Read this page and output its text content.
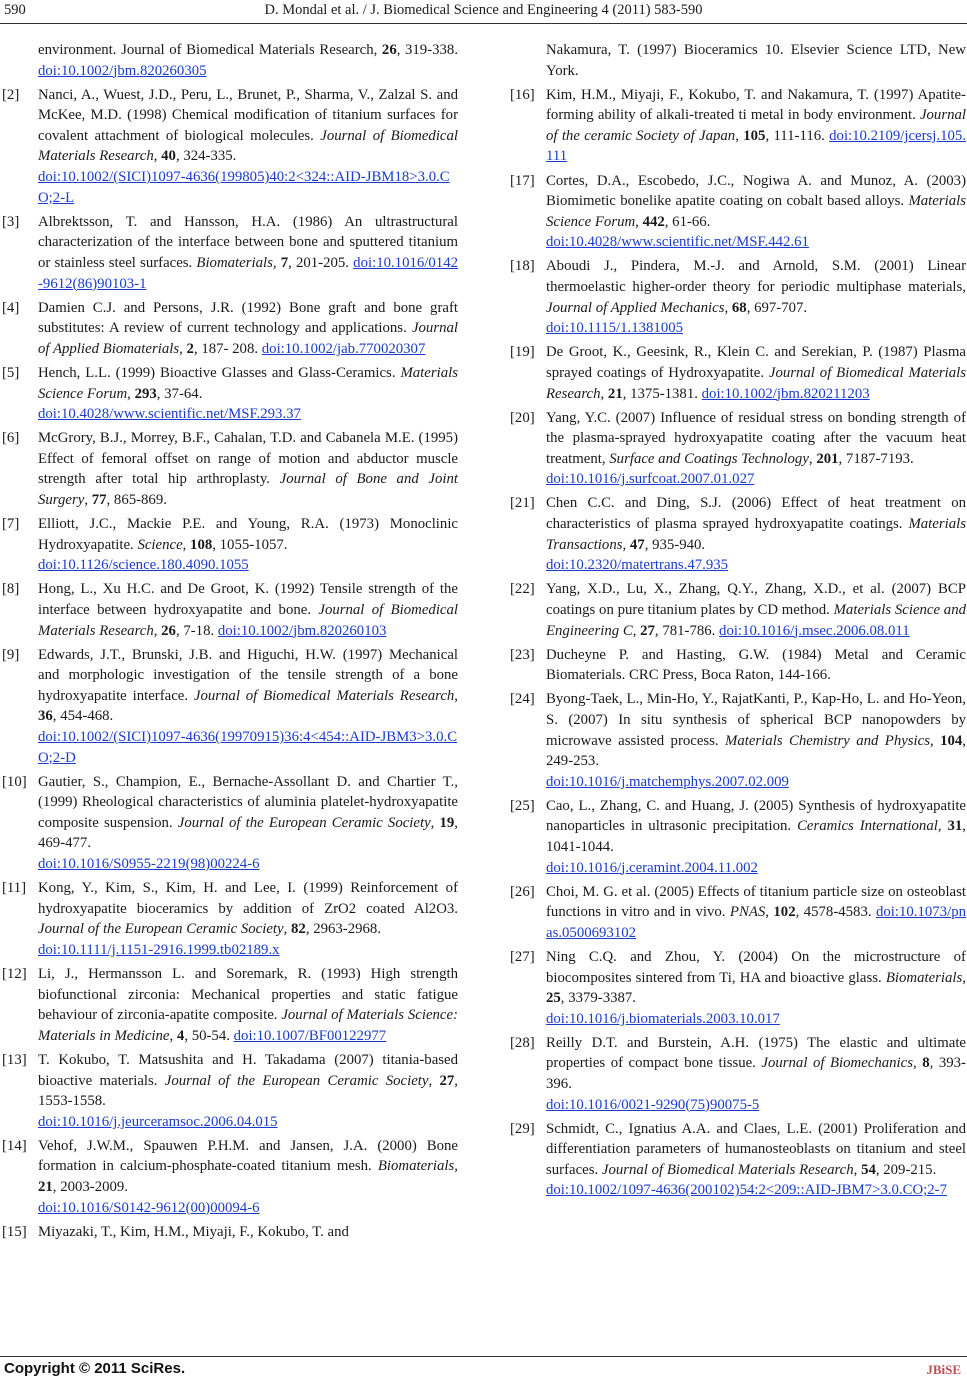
590	D. Mondal et al. / J. Biomedical Science and Engineering 4 (2011) 583-590
environment. Journal of Biomedical Materials Research, 26, 319-338. doi:10.1002/jbm.820260305
[2] Nanci, A., Wuest, J.D., Peru, L., Brunet, P., Sharma, V., Zalzal S. and McKee, M.D. (1998) Chemical modification of titanium surfaces for covalent attachment of biological molecules. Journal of Biomedical Materials Research, 40, 324-335.
doi:10.1002/(SICI)1097-4636(199805)40:2<324::AID-JBM18>3.0.CO;2-L
[3] Albrektsson, T. and Hansson, H.A. (1986) An ultrastructural characterization of the interface between bone and sputtered titanium or stainless steel surfaces. Biomaterials, 7, 201-205. doi:10.1016/0142-9612(86)90103-1
[4] Damien C.J. and Persons, J.R. (1992) Bone graft and bone graft substitutes: A review of current technology and applications. Journal of Applied Biomaterials, 2, 187- 208. doi:10.1002/jab.770020307
[5] Hench, L.L. (1999) Bioactive Glasses and Glass-Ceramics. Materials Science Forum, 293, 37-64.
doi:10.4028/www.scientific.net/MSF.293.37
[6] McGrory, B.J., Morrey, B.F., Cahalan, T.D. and Cabanela M.E. (1995) Effect of femoral offset on range of motion and abductor muscle strength after total hip arthroplasty. Journal of Bone and Joint Surgery, 77, 865-869.
[7] Elliott, J.C., Mackie P.E. and Young, R.A. (1973) Monoclinic Hydroxyapatite. Science, 108, 1055-1057.
doi:10.1126/science.180.4090.1055
[8] Hong, L., Xu H.C. and De Groot, K. (1992) Tensile strength of the interface between hydroxyapatite and bone. Journal of Biomedical Materials Research, 26, 7-18. doi:10.1002/jbm.820260103
[9] Edwards, J.T., Brunski, J.B. and Higuchi, H.W. (1997) Mechanical and morphologic investigation of the tensile strength of a bone hydroxyapatite interface. Journal of Biomedical Materials Research, 36, 454-468.
doi:10.1002/(SICI)1097-4636(19970915)36:4<454::AID-JBM3>3.0.CO;2-D
[10] Gautier, S., Champion, E., Bernache-Assollant D. and Chartier T., (1999) Rheological characteristics of aluminia platelet-hydroxyapatite composite suspension. Journal of the European Ceramic Society, 19, 469-477.
doi:10.1016/S0955-2219(98)00224-6
[11] Kong, Y., Kim, S., Kim, H. and Lee, I. (1999) Reinforcement of hydroxyapatite bioceramics by addition of ZrO2 coated Al2O3. Journal of the European Ceramic Society, 82, 2963-2968.
doi:10.1111/j.1151-2916.1999.tb02189.x
[12] Li, J., Hermansson L. and Soremark, R. (1993) High strength biofunctional zirconia: Mechanical properties and static fatigue behaviour of zirconia-apatite composite. Journal of Materials Science: Materials in Medicine, 4, 50-54. doi:10.1007/BF00122977
[13] T. Kokubo, T. Matsushita and H. Takadama (2007) titania-based bioactive materials. Journal of the European Ceramic Society, 27, 1553-1558.
doi:10.1016/j.jeurceramsoc.2006.04.015
[14] Vehof, J.W.M., Spauwen P.H.M. and Jansen, J.A. (2000) Bone formation in calcium-phosphate-coated titanium mesh. Biomaterials, 21, 2003-2009.
doi:10.1016/S0142-9612(00)00094-6
[15] Miyazaki, T., Kim, H.M., Miyaji, F., Kokubo, T. and
Nakamura, T. (1997) Bioceramics 10. Elsevier Science LTD, New York.
[16] Kim, H.M., Miyaji, F., Kokubo, T. and Nakamura, T. (1997) Apatite-forming ability of alkali-treated ti metal in body environment. Journal of the ceramic Society of Japan, 105, 111-116. doi:10.2109/jcersj.105.111
[17] Cortes, D.A., Escobedo, J.C., Nogiwa A. and Munoz, A. (2003) Biomimetic bonelike apatite coating on cobalt based alloys. Materials Science Forum, 442, 61-66.
doi:10.4028/www.scientific.net/MSF.442.61
[18] Aboudi J., Pindera, M.-J. and Arnold, S.M. (2001) Linear thermoelastic higher-order theory for periodic multiphase materials, Journal of Applied Mechanics, 68, 697-707.
doi:10.1115/1.1381005
[19] De Groot, K., Geesink, R., Klein C. and Serekian, P. (1987) Plasma sprayed coatings of Hydroxyapatite. Journal of Biomedical Materials Research, 21, 1375-1381. doi:10.1002/jbm.820211203
[20] Yang, Y.C. (2007) Influence of residual stress on bonding strength of the plasma-sprayed hydroxyapatite coating after the vacuum heat treatment, Surface and Coatings Technology, 201, 7187-7193.
doi:10.1016/j.surfcoat.2007.01.027
[21] Chen C.C. and Ding, S.J. (2006) Effect of heat treatment on characteristics of plasma sprayed hydroxyapatite coatings. Materials Transactions, 47, 935-940.
doi:10.2320/matertrans.47.935
[22] Yang, X.D., Lu, X., Zhang, Q.Y., Zhang, X.D., et al. (2007) BCP coatings on pure titanium plates by CD method. Materials Science and Engineering C, 27, 781-786. doi:10.1016/j.msec.2006.08.011
[23] Ducheyne P. and Hasting, G.W. (1984) Metal and Ceramic Biomaterials. CRC Press, Boca Raton, 144-166.
[24] Byong-Taek, L., Min-Ho, Y., RajatKanti, P., Kap-Ho, L. and Ho-Yeon, S. (2007) In situ synthesis of spherical BCP nanopowders by microwave assisted process. Materials Chemistry and Physics, 104, 249-253.
doi:10.1016/j.matchemphys.2007.02.009
[25] Cao, L., Zhang, C. and Huang, J. (2005) Synthesis of hydroxyapatite nanoparticles in ultrasonic precipitation. Ceramics International, 31, 1041-1044.
doi:10.1016/j.ceramint.2004.11.002
[26] Choi, M. G. et al. (2005) Effects of titanium particle size on osteoblast functions in vitro and in vivo. PNAS, 102, 4578-4583. doi:10.1073/pnas.0500693102
[27] Ning C.Q. and Zhou, Y. (2004) On the microstructure of biocomposites sintered from Ti, HA and bioactive glass. Biomaterials, 25, 3379-3387.
doi:10.1016/j.biomaterials.2003.10.017
[28] Reilly D.T. and Burstein, A.H. (1975) The elastic and ultimate properties of compact bone tissue. Journal of Biomechanics, 8, 393-396.
doi:10.1016/0021-9290(75)90075-5
[29] Schmidt, C., Ignatius A.A. and Claes, L.E. (2001) Proliferation and differentiation parameters of humanosteoblasts on titanium and steel surfaces. Journal of Biomedical Materials Research, 54, 209-215.
doi:10.1002/1097-4636(200102)54:2<209::AID-JBM7>3.0.CO;2-7
Copyright © 2011 SciRes.	JBiSE
